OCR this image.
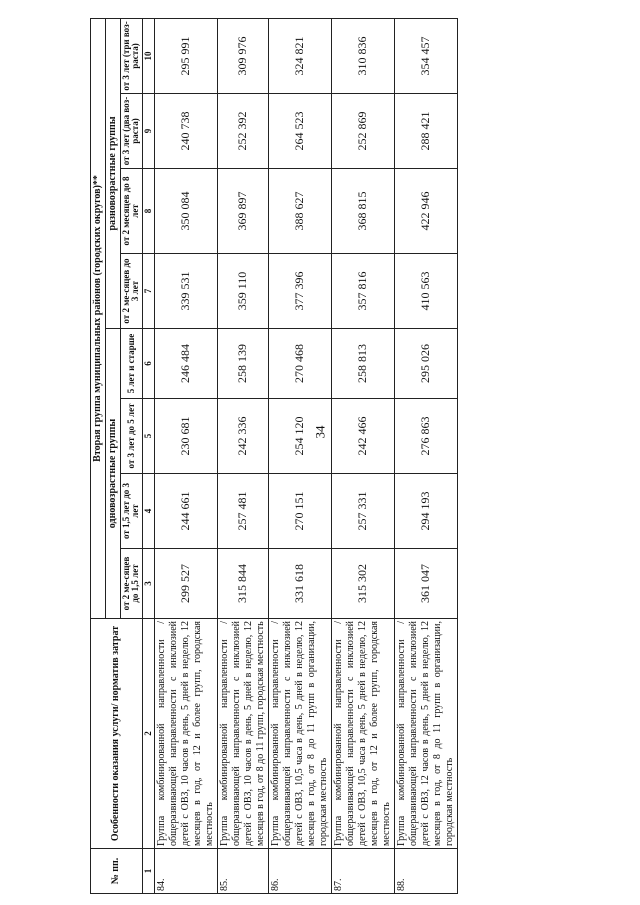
34
№ пп.	Особенности оказания услуги/ норматив затрат	Вторая группа муниципальных районов (городских округов)**							
		одновозрастные группы				разновозрастные группы			
		от 2 ме-сяцев до 1,5 лет	от 1,5 лет до 3 лет	от 3 лет до 5 лет	5 лет и старше	от 2 ме-сяцев до 3 лет	от 2 месяцев до 8 лет	от 3 лет (два воз-раста)	от 3 лет (три воз-раста)
1	2	3	4	5	6	7	8	9	10
84.	Группа комбинированной направленности / общеразвивающей направленности с инклюзией детей с ОВЗ, 10 часов в день, 5 дней в неделю, 12 месяцев в год, от 12 и более групп, городская местность	299 527	244 661	230 681	246 484	339 531	350 084	240 738	295 991
85.	Группа комбинированной направленности / общеразвивающей направленности с инклюзией детей с ОВЗ, 10 часов в день, 5 дней в неделю, 12 месяцев в год, от 8 до 11 групп, городская местность	315 844	257 481	242 336	258 139	359 110	369 897	252 392	309 976
86.	Группа комбинированной направленности / общеразвивающей направленности с инклюзией детей с ОВЗ, 10,5 часа в день, 5 дней в неделю, 12 месяцев в год, от 8 до 11 групп в организации, городская местность	331 618	270 151	254 120	270 468	377 396	388 627	264 523	324 821
87.	Группа комбинированной направленности / общеразвивающей направленности с инклюзией детей с ОВЗ, 10,5 часа в день, 5 дней в неделю, 12 месяцев в год, от 12 и более групп, городская местность	315 302	257 331	242 466	258 813	357 816	368 815	252 869	310 836
88.	Группа комбинированной направленности / общеразвивающей направленности с инклюзией детей с ОВЗ, 12 часов в день, 5 дней в неделю, 12 месяцев в год, от 8 до 11 групп в организации, городская местность	361 047	294 193	276 863	295 026	410 563	422 946	288 421	354 457
